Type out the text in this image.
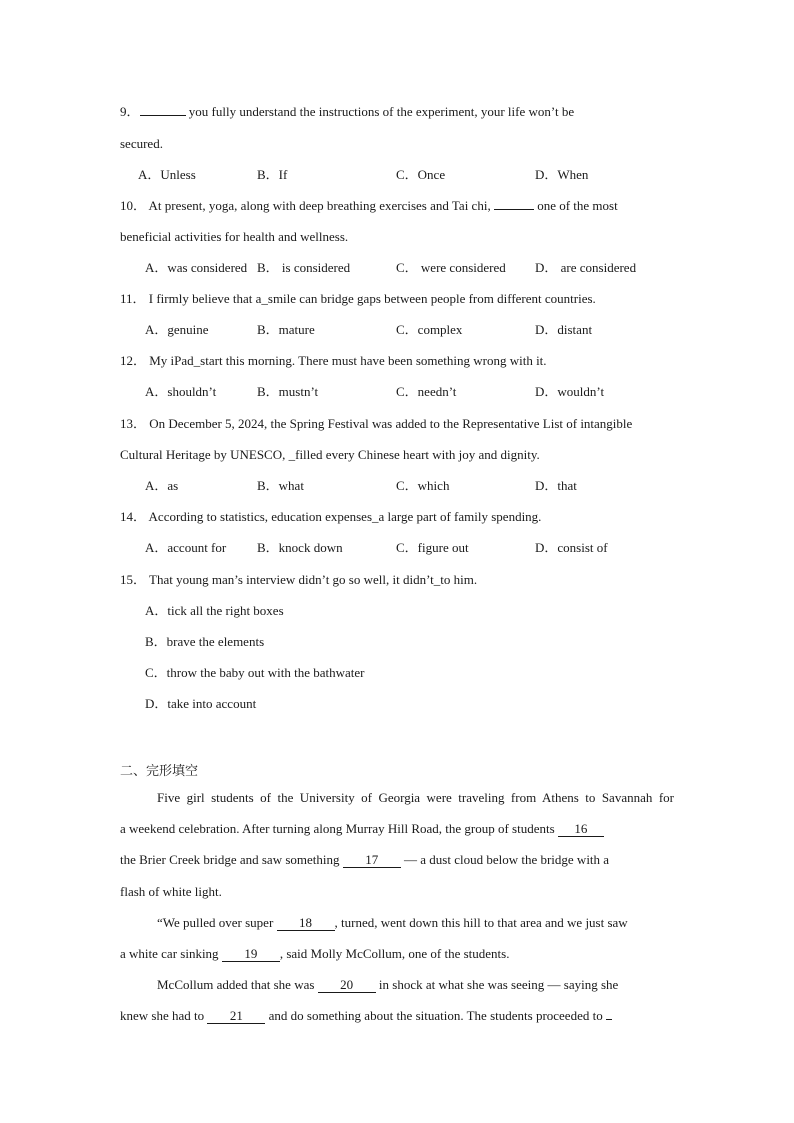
9．	you fully understand the instructions of the experiment, your life won’t be
secured.
A．Unless	B．If	C．Once	D．When
10． At present, yoga, along with deep breathing exercises and Tai chi,	one of the most
beneficial activities for health and wellness.
A．was considered B． is considered	C． were considered D． are considered
11． I firmly believe that a_smile can bridge gaps between people from different countries.
A．genuine	B．mature	C．complex	D．distant
12． My iPad_start this morning. There must have been something wrong with it.
A．shouldn’t	B．mustn’t	C．needn’t	D．wouldn’t
13． On December 5, 2024, the Spring Festival was added to the Representative List of intangible
Cultural Heritage by UNESCO, _filled every Chinese heart with joy and dignity.
A．as	B．what	C．which	D．that
14． According to statistics, education expenses_a large part of family spending.
A．account for B．knock down	C．figure out	D．consist of
15． That young man’s interview didn’t go so well, it didn’t_to him.
A．tick all the right boxes
B．brave the elements
C．throw the baby out with the bathwater
D．take into account
二、完形填空
Five girl students of the University of Georgia were traveling from Athens to Savannah for
a weekend celebration. After turning along Murray Hill Road, the group of students 16
the Brier Creek bridge and saw something 17 — a dust cloud below the bridge with a
flash of white light.
“We pulled over super 18 , turned, went down this hill to that area and we just saw
a white car sinking 19 , said Molly McCollum, one of the students.
McCollum added that she was 20 in shock at what she was seeing — saying she
knew she had to 21 and do something about the situation. The students proceeded to
